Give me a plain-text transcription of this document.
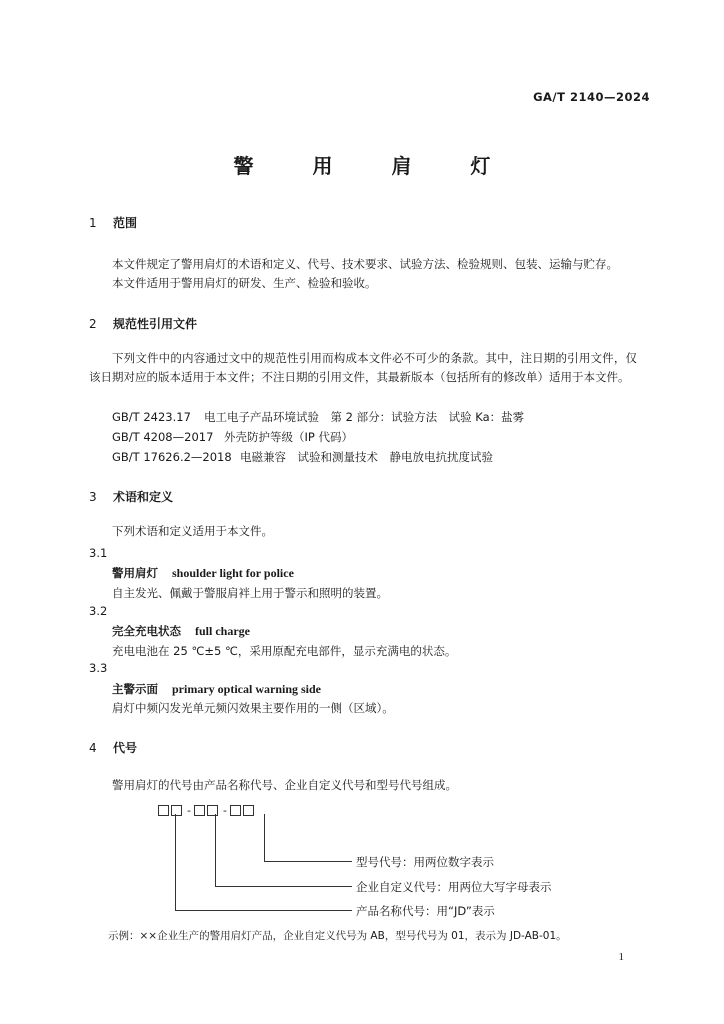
GA/T 2140—2024
警 用 肩 灯
1 范围
本文件规定了警用肩灯的术语和定义、代号、技术要求、试验方法、检验规则、包装、运输与贮存。
本文件适用于警用肩灯的研发、生产、检验和验收。
2 规范性引用文件
下列文件中的内容通过文中的规范性引用而构成本文件必不可少的条款。其中，注日期的引用文件，仅该日期对应的版本适用于本文件；不注日期的引用文件，其最新版本（包括所有的修改单）适用于本文件。
GB/T 2423.17 电工电子产品环境试验　第 2 部分：试验方法　试验 Ka：盐雾
GB/T 4208—2017 外壳防护等级（IP 代码）
GB/T 17626.2—2018 电磁兼容　试验和测量技术　静电放电抗扰度试验
3 术语和定义
下列术语和定义适用于本文件。
3.1
警用肩灯 shoulder light for police
自主发光、佩戴于警服肩袢上用于警示和照明的装置。
3.2
完全充电状态 full charge
充电电池在 25 ℃±5 ℃，采用原配充电部件，显示充满电的状态。
3.3
主警示面 primary optical warning side
肩灯中频闪发光单元频闪效果主要作用的一侧（区域）。
4 代号
警用肩灯的代号由产品名称代号、企业自定义代号和型号代号组成。
-	-
型号代号：用两位数字表示
企业自定义代号：用两位大写字母表示
产品名称代号：用“JD”表示
示例：××企业生产的警用肩灯产品，企业自定义代号为 AB，型号代号为 01，表示为 JD-AB-01。
1
